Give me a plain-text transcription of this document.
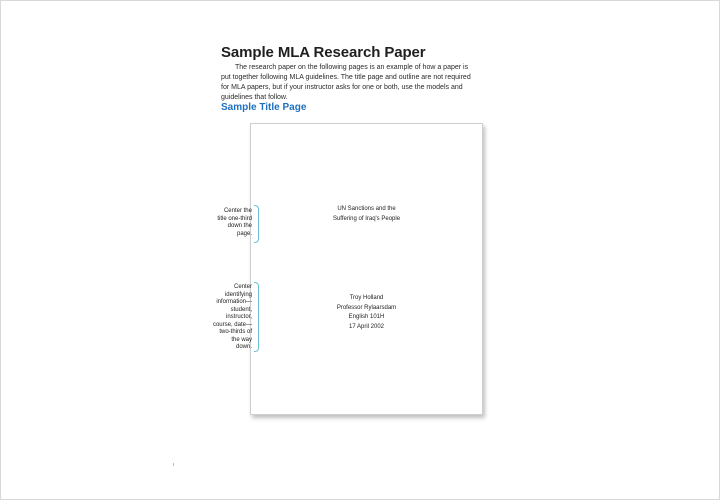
Sample MLA Research Paper

The research paper on the following pages is an example of how a paper is put together following MLA guidelines. The title page and outline are not required for MLA papers, but if your instructor asks for one or both, use the models and guidelines that follow.

Sample Title Page
UN Sanctions and the
Suffering of Iraq's People
Troy Holland
Professor Rylaarsdam
English 101H
17 April 2002
Center the
title one-third
down the
page.
Center
identifying
information—
student,
instructor,
course, date—
two-thirds of
the way
down.
